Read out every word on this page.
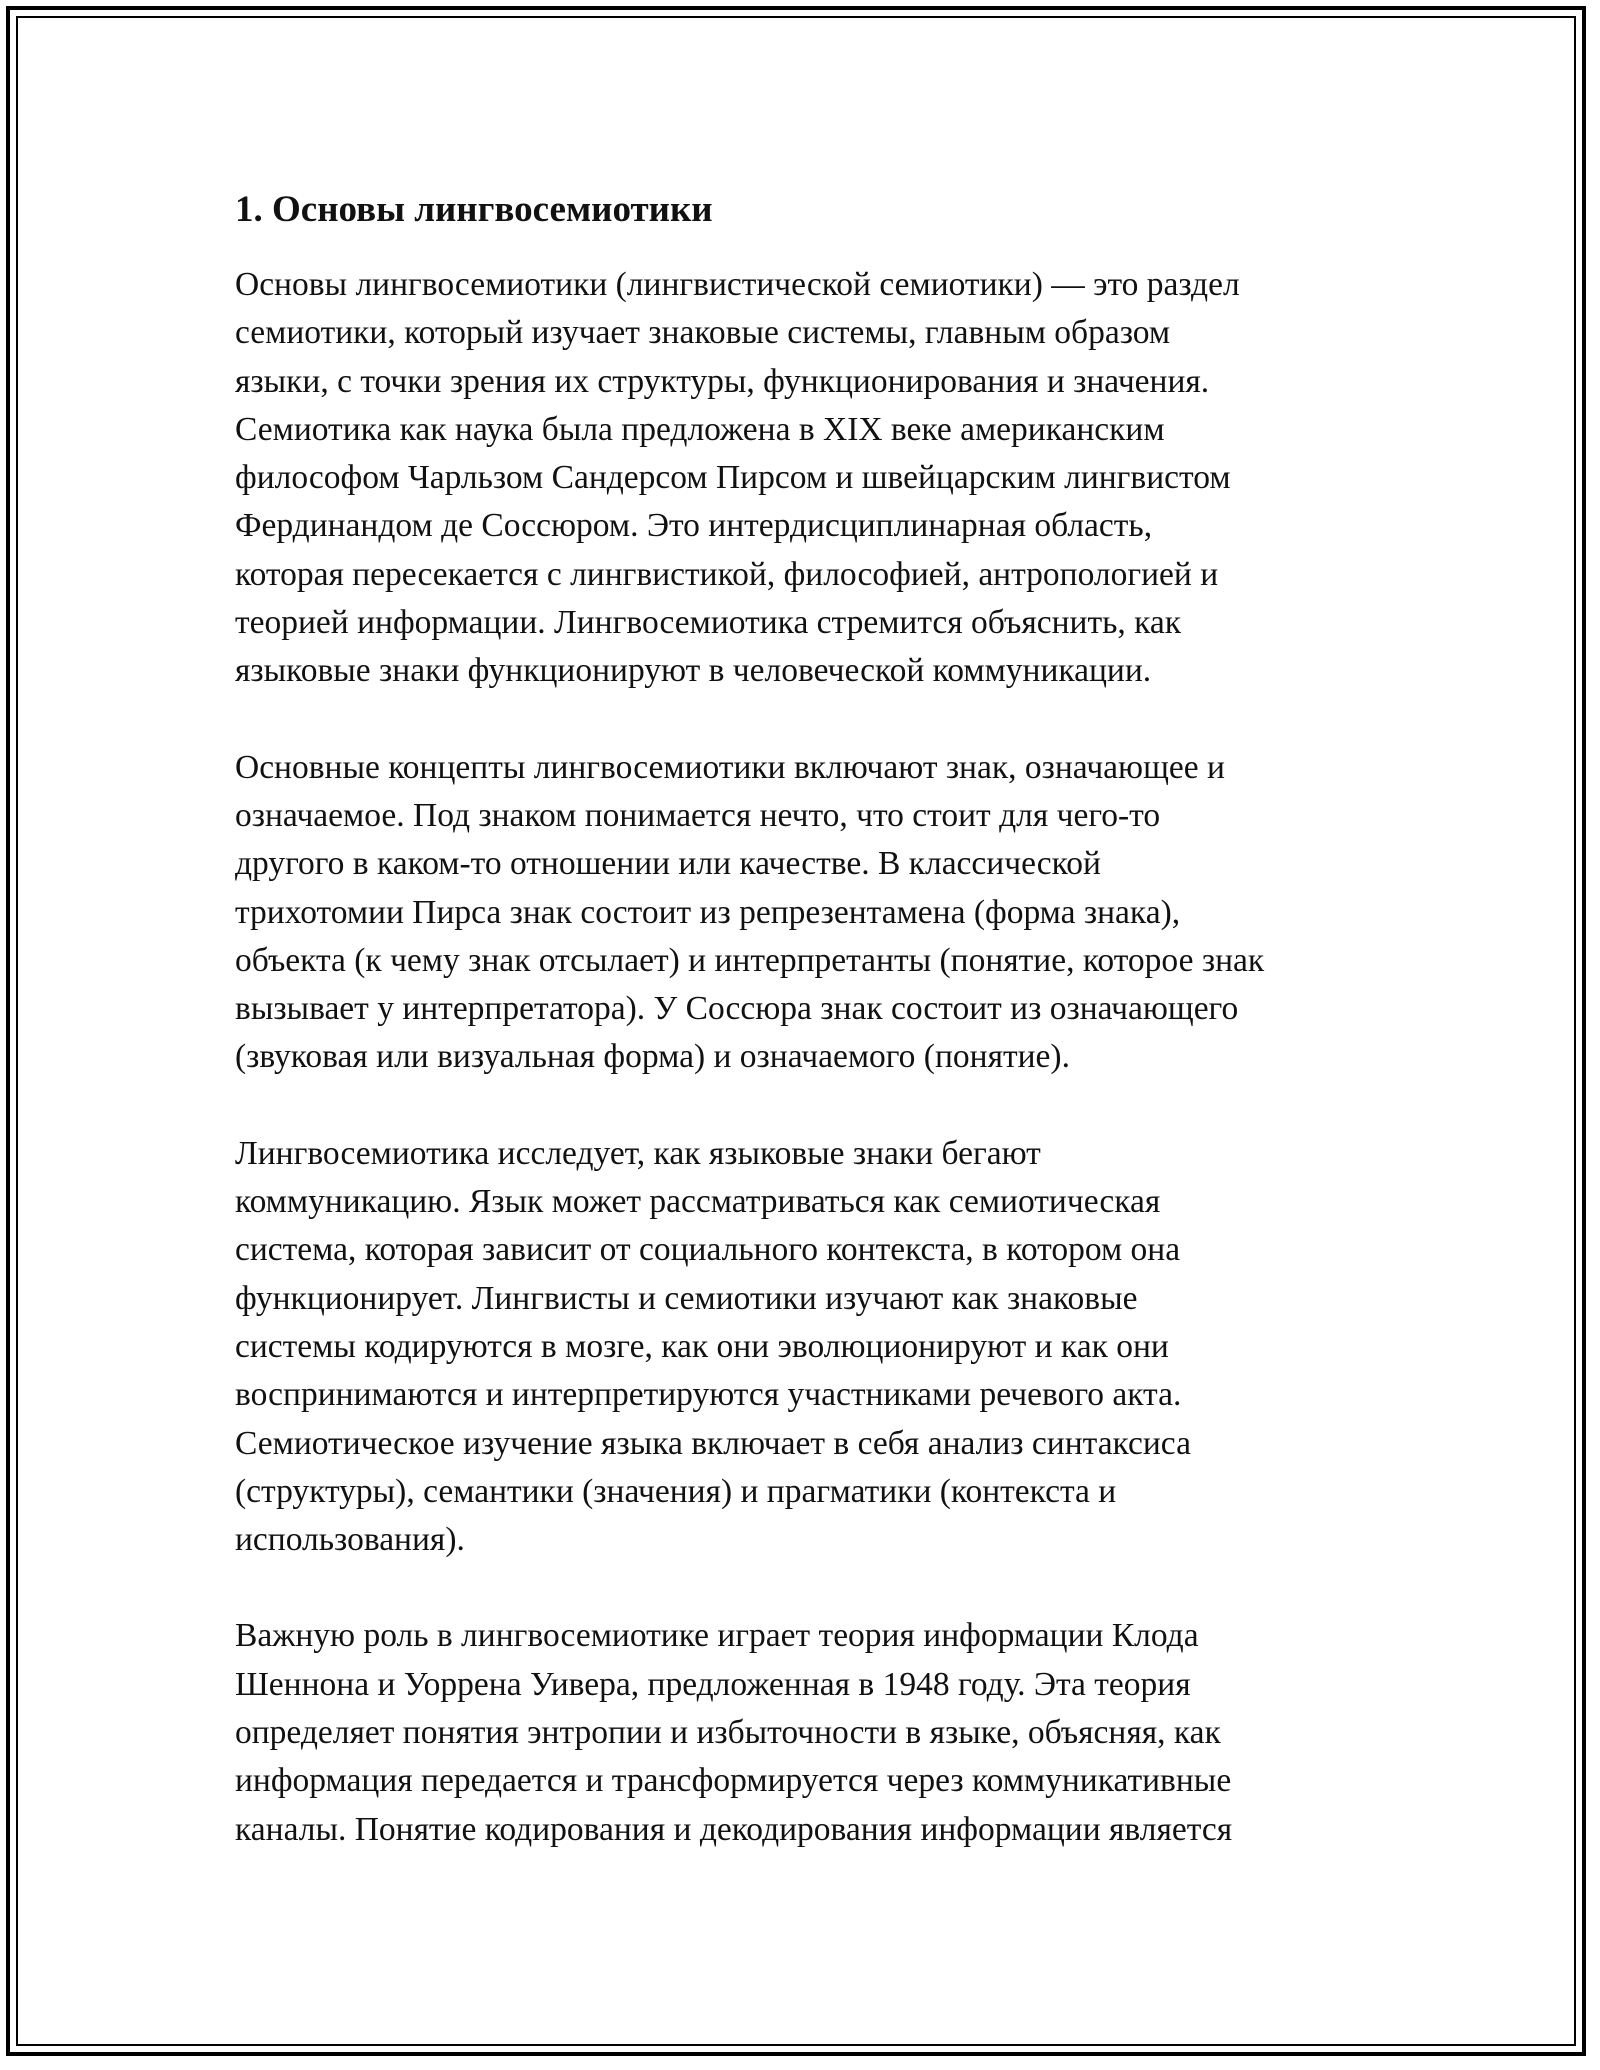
1. Основы лингвосемиотики

Основы лингвосемиотики (лингвистической семиотики) — это раздел
семиотики, который изучает знаковые системы, главным образом
языки, с точки зрения их структуры, функционирования и значения.
Семиотика как наука была предложена в XIX веке американским
философом Чарльзом Сандерсом Пирсом и швейцарским лингвистом
Фердинандом де Соссюром. Это интердисциплинарная область,
которая пересекается с лингвистикой, философией, антропологией и
теорией информации. Лингвосемиотика стремится объяснить, как
языковые знаки функционируют в человеческой коммуникации.

Основные концепты лингвосемиотики включают знак, означающее и
означаемое. Под знаком понимается нечто, что стоит для чего-то
другого в каком-то отношении или качестве. В классической
трихотомии Пирса знак состоит из репрезентамена (форма знака),
объекта (к чему знак отсылает) и интерпретанты (понятие, которое знак
вызывает у интерпретатора). У Соссюра знак состоит из означающего
(звуковая или визуальная форма) и означаемого (понятие).

Лингвосемиотика исследует, как языковые знаки бегают
коммуникацию. Язык может рассматриваться как семиотическая
система, которая зависит от социального контекста, в котором она
функционирует. Лингвисты и семиотики изучают как знаковые
системы кодируются в мозге, как они эволюционируют и как они
воспринимаются и интерпретируются участниками речевого акта.
Семиотическое изучение языка включает в себя анализ синтаксиса
(структуры), семантики (значения) и прагматики (контекста и
использования).

Важную роль в лингвосемиотике играет теория информации Клода
Шеннона и Уоррена Уивера, предложенная в 1948 году. Эта теория
определяет понятия энтропии и избыточности в языке, объясняя, как
информация передается и трансформируется через коммуникативные
каналы. Понятие кодирования и декодирования информации является
